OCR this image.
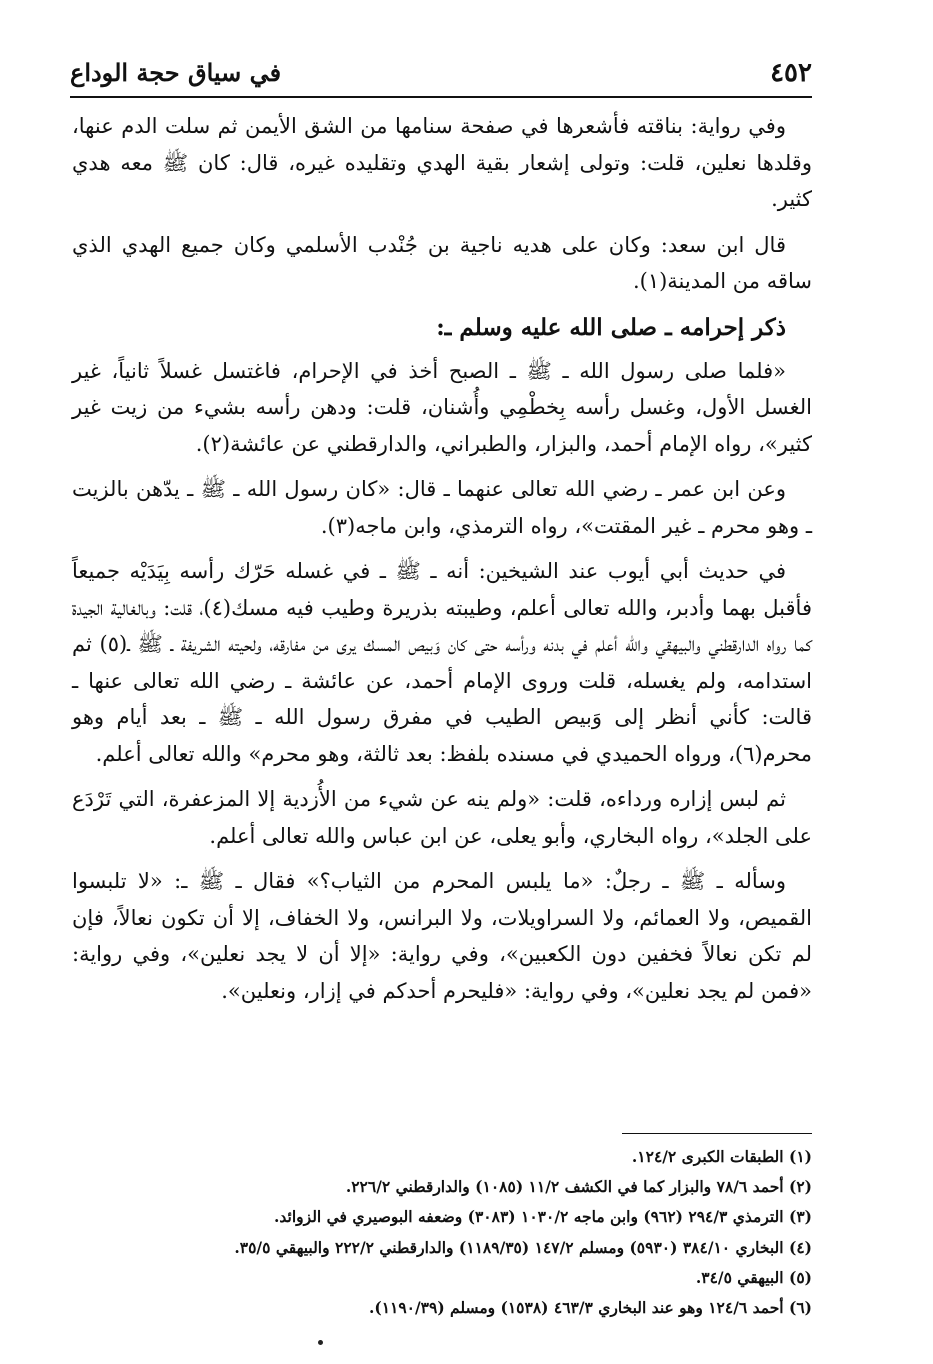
٤٥٢
في سياق حجة الوداع

وفي رواية: بناقته فأشعرها في صفحة سنامها من الشق الأيمن ثم سلت الدم عنها، وقلدها نعلين، قلت: وتولى إشعار بقية الهدي وتقليده غيره، قال: كان ﷺ معه هدي كثير.

قال ابن سعد: وكان على هديه ناجية بن جُنْدب الأسلمي وكان جميع الهدي الذي ساقه من المدينة(١).

ذكر إحرامه ـ صلى الله عليه وسلم ـ:

«فلما صلى رسول الله ـ ﷺ ـ الصبح أخذ في الإحرام، فاغتسل غسلاً ثانياً، غير الغسل الأول، وغسل رأسه بِخطْمِي وأُشنان، قلت: ودهن رأسه بشيء من زيت غير كثير»، رواه الإمام أحمد، والبزار، والطبراني، والدارقطني عن عائشة(٢).

وعن ابن عمر ـ رضي الله تعالى عنهما ـ قال: «كان رسول الله ـ ﷺ ـ يدّهن بالزيت ـ وهو محرم ـ غير المقتت»، رواه الترمذي، وابن ماجه(٣).

في حديث أبي أيوب عند الشيخين: أنه ـ ﷺ ـ في غسله حَرّك رأسه بِيَدَيْه جميعاً فأقبل بهما وأدبر، والله تعالى أعلم، وطيبته بذريرة وطيب فيه مسك(٤)، قلت: وبالغالية الجيدة كما رواه الدارقطني والبيهقي والله أعلم في بدنه ورأسه حتى كان وَبيص المسك يرى من مفارقه، ولحيته الشريفة ـ ﷺ ـ(٥) ثم استدامه، ولم يغسله، قلت وروى الإمام أحمد، عن عائشة ـ رضي الله تعالى عنها ـ قالت: كأني أنظر إلى وَبيص الطيب في مفرق رسول الله ـ ﷺ ـ بعد أيام وهو محرم(٦)، ورواه الحميدي في مسنده بلفظ: بعد ثالثة، وهو محرم» والله تعالى أعلم.

ثم لبس إزاره ورداءه، قلت: «ولم ينه عن شيء من الأُزدية إلا المزعفرة، التي تَرْدَع على الجلد»، رواه البخاري، وأبو يعلى، عن ابن عباس والله تعالى أعلم.

وسأله ـ ﷺ ـ رجلٌ: «ما يلبس المحرم من الثياب؟» فقال ـ ﷺ ـ: «لا تلبسوا القميص، ولا العمائم، ولا السراويلات، ولا البرانس، ولا الخفاف، إلا أن تكون نعالاً، فإن لم تكن نعالاً فخفين دون الكعبين»، وفي رواية: «إلا أن لا يجد نعلين»، وفي رواية: «فمن لم يجد نعلين»، وفي رواية: «فليحرم أحدكم في إزار، ونعلين».

(١) الطبقات الكبرى ١٢٤/٢.
(٢) أحمد ٧٨/٦ والبزار كما في الكشف ١١/٢ (١٠٨٥) والدارقطني ٢٢٦/٢.
(٣) الترمذي ٢٩٤/٣ (٩٦٢) وابن ماجه ١٠٣٠/٢ (٣٠٨٣) وضعفه البوصيري في الزوائد.
(٤) البخاري ٣٨٤/١٠ (٥٩٣٠) ومسلم ١٤٧/٢ (١١٨٩/٣٥) والدارقطني ٢٢٢/٢ والبيهقي ٣٥/٥.
(٥) البيهقي ٣٤/٥.
(٦) أحمد ١٢٤/٦ وهو عند البخاري ٤٦٣/٣ (١٥٣٨) ومسلم (١١٩٠/٣٩).
